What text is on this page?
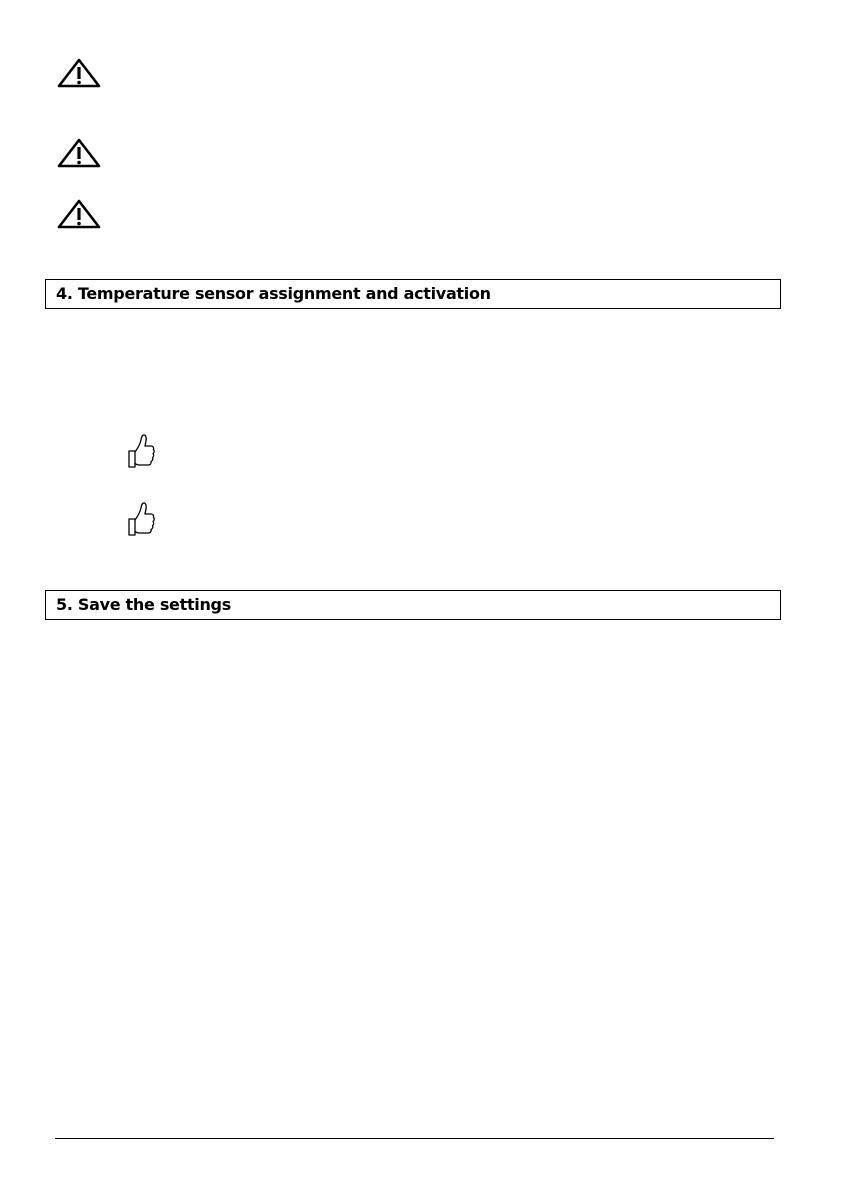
4. Temperature sensor assignment and activation
5. Save the settings
